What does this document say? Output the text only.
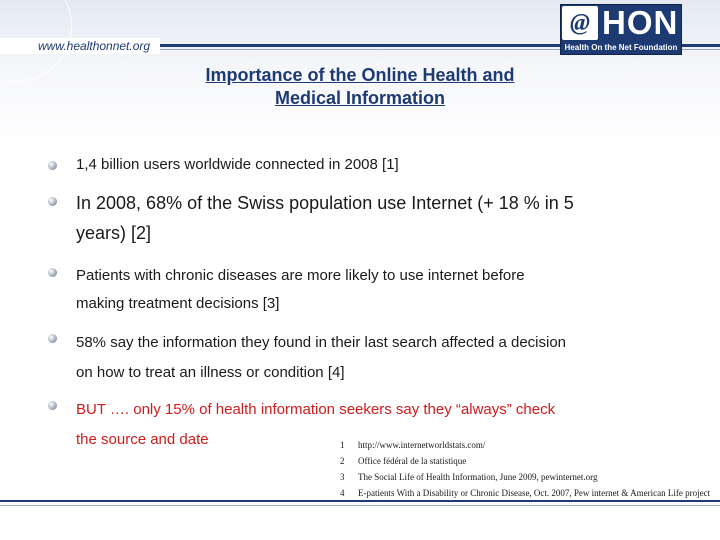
www.healthonnet.org
@ HON
Health On the Net Foundation
Importance of the Online Health and
Medical Information
1,4 billion users worldwide connected in 2008 [1]
In 2008, 68% of the Swiss population use Internet (+ 18 % in 5
years) [2]
Patients with chronic diseases are more likely to use internet before
making treatment decisions [3]
58% say the information they found in their last search affected a decision
on how to treat an illness or condition [4]
BUT …. only 15% of health information seekers say they “always” check
the source and date	1 http://www.internetworldstats.com/
2 Office fédéral de la statistique
3 The Social Life of Health Information, June 2009, pewinternet.org
4 E-patients With a Disability or Chronic Disease, Oct. 2007, Pew internet & American Life project
